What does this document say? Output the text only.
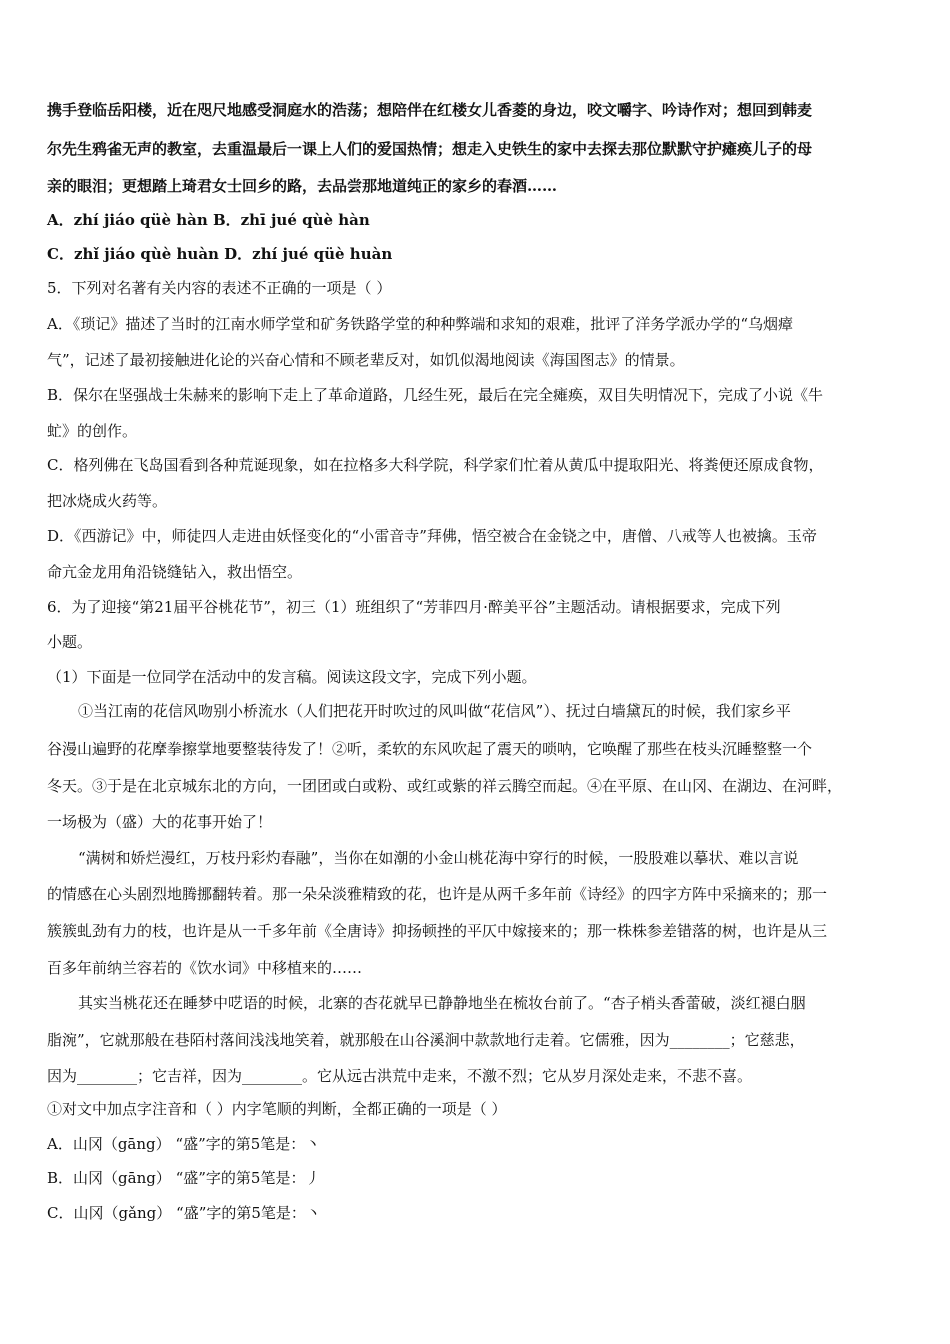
携手登临岳阳楼，近在咫尺地感受洞庭水的浩荡；想陪伴在红楼女儿香菱的身边，咬文嚼字、吟诗作对；想回到韩麦
尔先生鸦雀无声的教室，去重温最后一课上人们的爱国热情；想走入史铁生的家中去探去那位默默守护瘫痪儿子的母
亲的眼泪；更想踏上琦君女士回乡的路，去品尝那地道纯正的家乡的春酒……
A．zhí jiáo qüè hàn B．zhī jué qùè hàn
C．zhǐ jiáo qùè huàn D．zhí jué qüè huàn
5．下列对名著有关内容的表述不正确的一项是（ ）
A．《琐记》描述了当时的江南水师学堂和矿务铁路学堂的种种弊端和求知的艰难，批评了洋务学派办学的“乌烟瘴
气”，记述了最初接触进化论的兴奋心情和不顾老辈反对，如饥似渴地阅读《海国图志》的情景。
B．保尔在坚强战士朱赫来的影响下走上了革命道路，几经生死，最后在完全瘫痪，双目失明情况下，完成了小说《牛
虻》的创作。
C．格列佛在飞岛国看到各种荒诞现象，如在拉格多大科学院，科学家们忙着从黄瓜中提取阳光、将粪便还原成食物，
把冰烧成火药等。
D．《西游记》中，师徒四人走进由妖怪变化的“小雷音寺”拜佛，悟空被合在金铙之中，唐僧、八戒等人也被擒。玉帝
命亢金龙用角沿铙缝钻入，救出悟空。
6．为了迎接“第21届平谷桃花节”，初三（1）班组织了“芳菲四月·醉美平谷”主题活动。请根据要求，完成下列
小题。
（1）下面是一位同学在活动中的发言稿。阅读这段文字，完成下列小题。
①当江南的花信风吻别小桥流水（人们把花开时吹过的风叫做“花信风”）、抚过白墙黛瓦的时候，我们家乡平
谷漫山遍野的花摩拳擦掌地要整装待发了！②听，柔软的东风吹起了震天的唢呐，它唤醒了那些在枝头沉睡整整一个
冬天。③于是在北京城东北的方向，一团团或白或粉、或红或紫的祥云腾空而起。④在平原、在山冈、在湖边、在河畔，
一场极为（盛）大的花事开始了！
“满树和娇烂漫红，万枝丹彩灼春融”，当你在如潮的小金山桃花海中穿行的时候，一股股难以摹状、难以言说
的情感在心头剧烈地腾挪翻转着。那一朵朵淡雅精致的花，也许是从两千多年前《诗经》的四字方阵中采摘来的；那一
簇簇虬劲有力的枝，也许是从一千多年前《全唐诗》抑扬顿挫的平仄中嫁接来的；那一株株参差错落的树，也许是从三
百多年前纳兰容若的《饮水词》中移植来的……
其实当桃花还在睡梦中呓语的时候，北寨的杏花就早已静静地坐在梳妆台前了。“杏子梢头香蕾破，淡红褪白胭
脂涴”，它就那般在巷陌村落间浅浅地笑着，就那般在山谷溪涧中款款地行走着。它儒雅，因为________；它慈悲，
因为________；它吉祥，因为________。它从远古洪荒中走来，不激不烈；它从岁月深处走来，不悲不喜。
①对文中加点字注音和（ ）内字笔顺的判断，全都正确的一项是（ ）
A．山冈（gāng） “盛”字的第5笔是：丶
B．山冈（gāng） “盛”字的第5笔是：丿
C．山冈（gǎng） “盛”字的第5笔是：丶
